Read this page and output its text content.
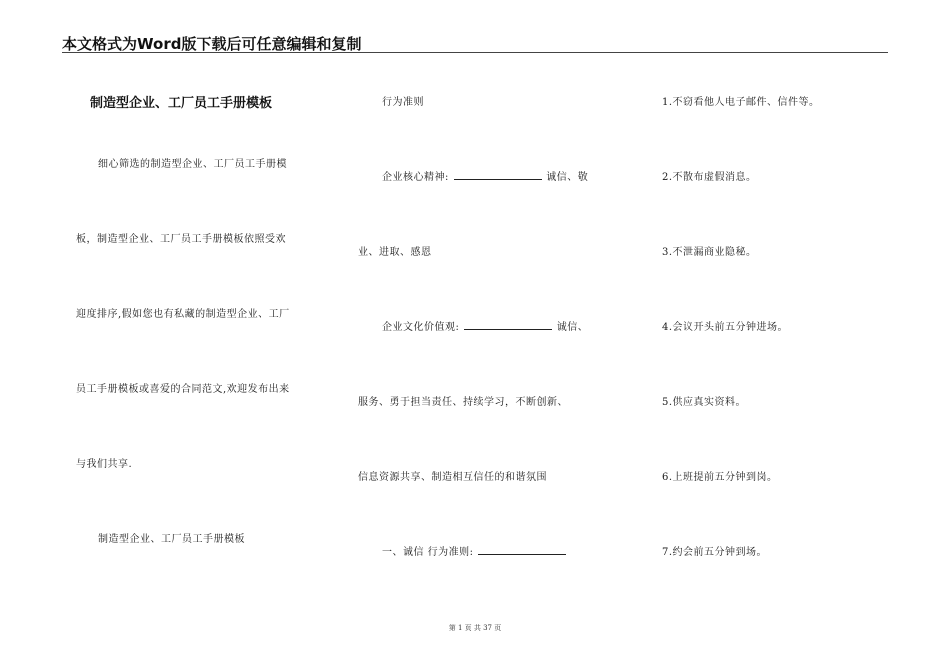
本文格式为Word版下载后可任意编辑和复制
制造型企业、工厂员工手册模板
细心筛选的制造型企业、工厂员工手册模
板，制造型企业、工厂员工手册模板依照受欢
迎度排序,假如您也有私藏的制造型企业、工厂
员工手册模板或喜爱的合同范文,欢迎发布出来
与我们共享.
制造型企业、工厂员工手册模板
行为准则
企业核心精神:	诚信、敬
业、进取、感恩
企业文化价值观:	诚信、
服务、勇于担当责任、持续学习，不断创新、
信息资源共享、制造相互信任的和谐氛围
一、诚信 行为准则:
1.不窃看他人电子邮件、信件等。
2.不散布虚假消息。
3.不泄漏商业隐秘。
4.会议开头前五分钟进场。
5.供应真实资料。
6.上班提前五分钟到岗。
7.约会前五分钟到场。
第 1 页 共 37 页
